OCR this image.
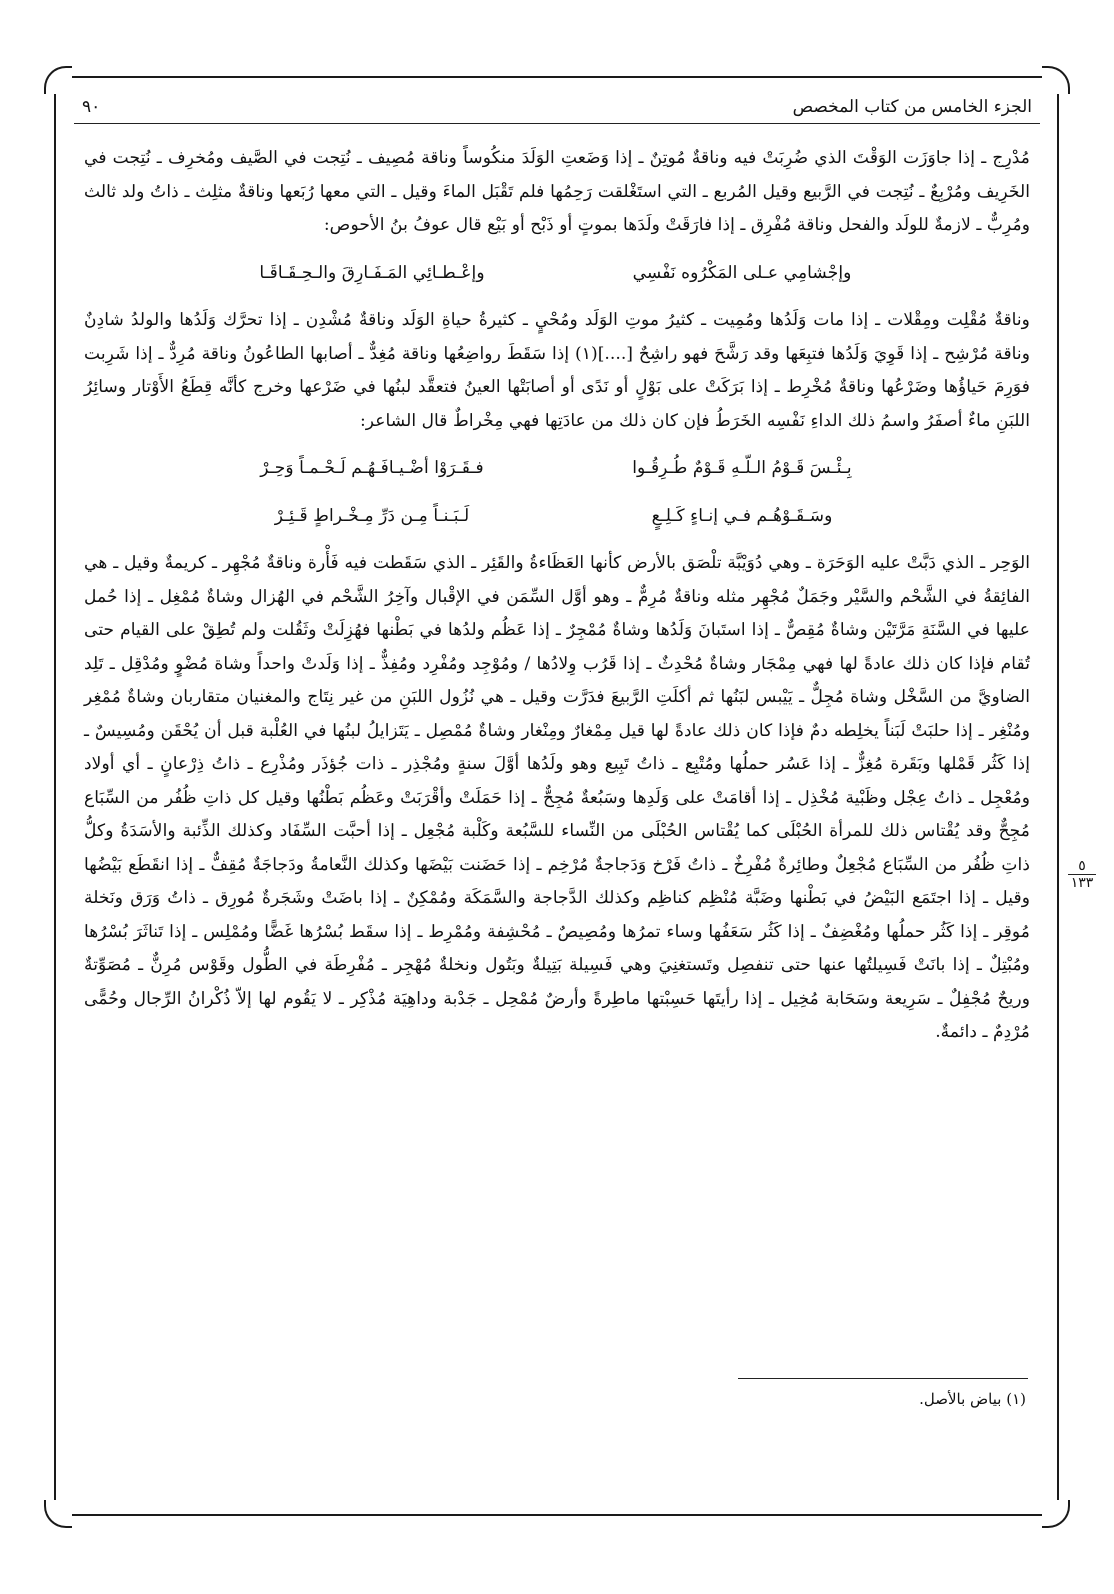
الجزء الخامس من كتاب المخصص
٩٠

مُدْرِج ـ إذا جاوَزَت الوَقْتَ الذي ضُرِبَتْ فيه وناقةٌ مُوتِنٌ ـ إذا وَضَعتِ الوَلَدَ منكُوساً وناقة مُصِيف ـ نُتِجت في الصَّيف ومُخرِف ـ نُتِجت في الخَرِيف ومُرْبِعٌ ـ نُتِجت في الرَّبيع وقيل المُربع ـ التي استَغْلقت رَحِمُها فلم تَقْبَل الماءَ وقيل ـ التي معها رُبَعها وناقةٌ مثلِث ـ ذاتُ ولد ثالث ومُرِبٌّ ـ لازمةٌ للولَد والفحل وناقة مُفْرِق ـ إذا فارَقَتْ ولَدَها بموتٍ أو ذَبْح أو بَيْع قال عوفُ بنُ الأحوص:

وإجْشامِي عـلى المَكْرُوه نَفْسِي
وإعْـطـائِي المَـفَـارِقَ والـحِـقَـاقَـا

وناقةٌ مُقْلِت ومِقْلات ـ إذا مات وَلَدُها ومُمِيت ـ كثيرُ موتِ الوَلَد ومُحْيٍ ـ كثيرةُ حياةِ الوَلَد وناقةٌ مُشْدِن ـ إذا تحرَّك وَلَدُها والولدُ شادِنٌ وناقة مُرْشِح ـ إذا قَوِيَ وَلَدُها فتبِعَها وقد رَشَّحَ فهو راشِحٌ [....](١) إذا سَقَطَ رواضِعُها وناقة مُغِدٌّ ـ أصابها الطاعُونُ وناقة مُرِدٌّ ـ إذا شَرِبت فوَرِمَ حَياؤُها وضَرْعُها وناقةٌ مُخْرِط ـ إذا بَرَكَتْ على بَوْلٍ أو نَدًى أو أصابَتْها العينُ فتعقَّد لبنُها في ضَرْعها وخرج كأنَّه قِطَعُ الأَوْتار وسائِرُ اللبَنِ ماءٌ أصفَرُ واسمُ ذلك الداءِ نَفْسِه الخَرَطُ فإن كان ذلك من عادَتِها فهي مِخْراطٌ قال الشاعر:

بِـئْـسَ قَـوْمُ الـلّـهِ قَـوْمٌ طُـرِقُـوا
فـقَـرَوْا أضْـيـافَـهُـم لَـحْـمـاً وَحِـرْ
وسَـقَـوْهُـم فـي إنـاءٍ كَـلِـعٍ
لَـبَـنـاً مِـن دَرِّ مِـخْـراطٍ قَـئِـرْ

الوَحِر ـ الذي دَبَّتْ عليه الوَحَرَة ـ وهي دُوَيْبَّة تلْصَق بالأرض كأنها العَظَاءةُ والقَئِر ـ الذي سَقَطت فيه فَأْرة وناقةٌ مُجْهِر ـ كريمةٌ وقيل ـ هي الفائِقةُ في الشَّحْم والسَّيْر وجَمَلٌ مُجْهِر مثله وناقةٌ مُرِمٌّ ـ وهو أوَّل السِّمَن في الإقْبال وآخِرُ الشَّحْم في الهُزال وشاةٌ مُمْغِل ـ إذا حُمل عليها في السَّنَةِ مَرَّتَيْن وشاةٌ مُقِصٌّ ـ إذا استَبانَ وَلَدُها وشاةٌ مُمْجِرٌ ـ إذا عَظُم ولدُها في بَطْنها فهُزِلَتْ وثَقُلت ولم تُطِقْ على القيام حتى تُقام فإذا كان ذلك عادةً لها فهي مِمْجَار وشاةٌ مُحْدِثٌ ـ إذا قَرُب وِلادُها / ومُوْجِد ومُفْرِد ومُفِذٌّ ـ إذا وَلَدتْ واحداً وشاة مُضْوٍ ومُدْقِل ـ تَلِد الضاويَّ من السَّخْل وشاة مُجِلٌّ ـ يَيْبس لبَنُها ثم أكلَتِ الرَّبيعَ فدَرَّت وقيل ـ هي نُزُول اللبَنِ من غير نِتَاج والمغنيان متقاربان وشاةٌ مُمْغِر ومُنْغِر ـ إذا حلبَتْ لَبَناً يخلِطه دمٌ فإذا كان ذلك عادةً لها قيل مِمْغارٌ ومِنْغار وشاةٌ مُمْصِل ـ يَتَزايلُ لبنُها في العُلْبة قبل أن يُحْقَن ومُسِيسٌ ـ إذا كَثُر قَمْلها وبَقَرة مُغِزٌّ ـ إذا عَسُر حملُها ومُتْبِع ـ ذاتُ تَبِيع وهو ولَدُها أوَّلَ سنةٍ ومُجْذِر ـ ذات جُؤذَر ومُذْرِع ـ ذاتُ ذِرْعانٍ ـ أي أولاد ومُعْجِل ـ ذاتُ عِجْل وظَبْية مُخْذِل ـ إذا أقامَتْ على وَلَدِها وسَبُعةٌ مُجِحٌّ ـ إذا حَمَلَتْ وأقْرَبَتْ وعَظُم بَطْنُها وقيل كل ذاتِ ظُفُر من السِّبَاع مُجِحٌّ وقد يُقْتاس ذلك للمرأة الحُبْلَى كما يُقْتاس الحُبْلَى من النِّساء للسَّبُعة وكَلْبة مُجْعِل ـ إذا أحبَّت السِّفَاد وكذلك الذِّئبة والأسَدَةُ وكلُّ ذاتِ ظُفُر من السِّبَاع مُجْعِلٌ وطائِرةٌ مُفْرِخٌ ـ ذاتُ فَرْخ وَدَجاجةٌ مُرْخِم ـ إذا حَضَنت بَيْضَها وكذلك النَّعامةُ ودَجاجَةٌ مُقِفٌّ ـ إذا انقَطَع بَيْضُها وقيل ـ إذا اجتَمَع البَيْضُ في بَطْنها وضَبَّة مُنْظِم كناظِم وكذلك الدَّجاجة والسَّمَكَة ومُمْكِنٌ ـ إذا باضَتْ وشَجَرةٌ مُورِق ـ ذاتُ وَرَق ونَخلة مُوقِر ـ إذا كَثُر حملُها ومُغْضِفٌ ـ إذا كَثُر سَعَفُها وساء تمرُها ومُصِيصٌ ـ مُحْشِفة ومُمْرِط ـ إذا سقَط بُسْرُها غَضًّا ومُمْلِس ـ إذا تَناثَرَ بُسْرُها ومُبْتِلٌ ـ إذا بانَتْ فَسِيلتُها عنها حتى تنفصِل وتَستغنِيَ وهي فَسِيلة بَتِيلةٌ وبَتُول ونخلةٌ مُهْجِر ـ مُفْرِطَة في الطُّول وقَوْس مُرِنٌّ ـ مُصَوِّتةٌ وريحٌ مُجْفِلٌ ـ سَرِيعة وسَحَابة مُخِيل ـ إذا رأيتَها حَسِبْتها ماطِرةً وأرضٌ مُمْحِل ـ جَدْبة وداهِيَة مُذْكِر ـ لا يَقُوم لها إلاّ ذُكْرانُ الرِّجال وحُمًّى مُرْدِمٌ ـ دائمةٌ.

٥
١٣٣
(١) بياض بالأصل.
